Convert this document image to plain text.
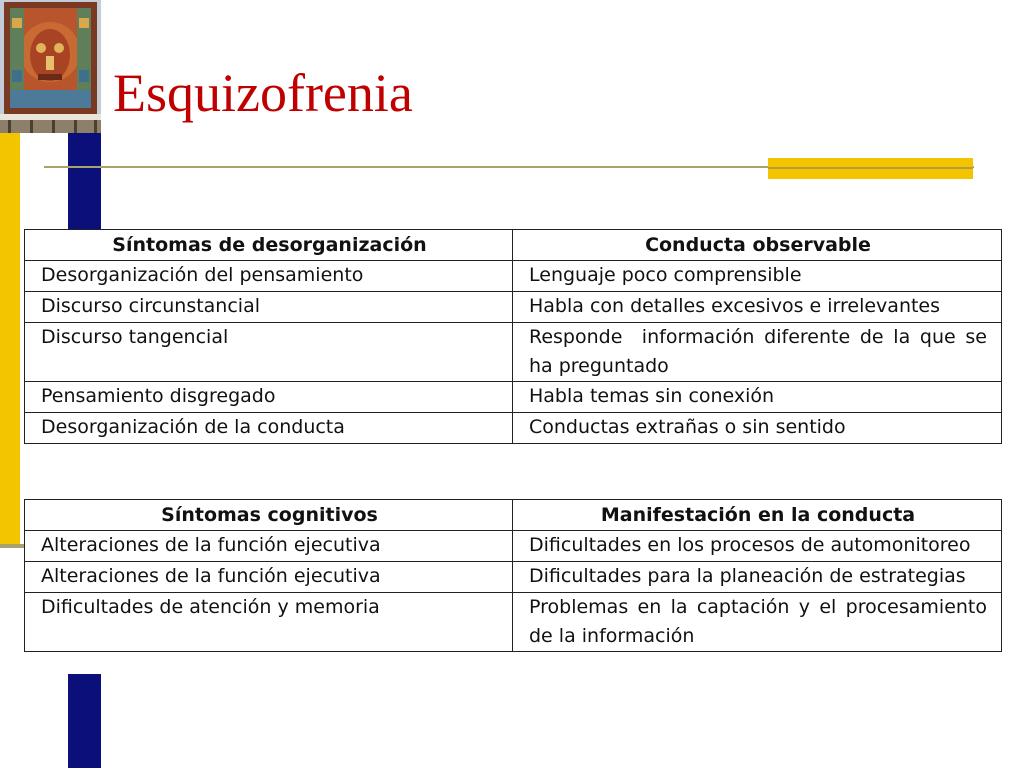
Esquizofrenia
Síntomas de desorganización	Conducta observable
Desorganización del pensamiento	Lenguaje poco comprensible
Discurso circunstancial	Habla con detalles excesivos e irrelevantes
Discurso tangencial	Responde  información diferente de la que se ha preguntado
Pensamiento disgregado	Habla temas sin conexión
Desorganización de la conducta	Conductas extrañas o sin sentido
Síntomas cognitivos	Manifestación en la conducta
Alteraciones de la función ejecutiva	Dificultades en los procesos de automonitoreo
Alteraciones de la función ejecutiva	Dificultades para la planeación de estrategias
Dificultades de atención y memoria	Problemas en la captación y el procesamiento de la información
